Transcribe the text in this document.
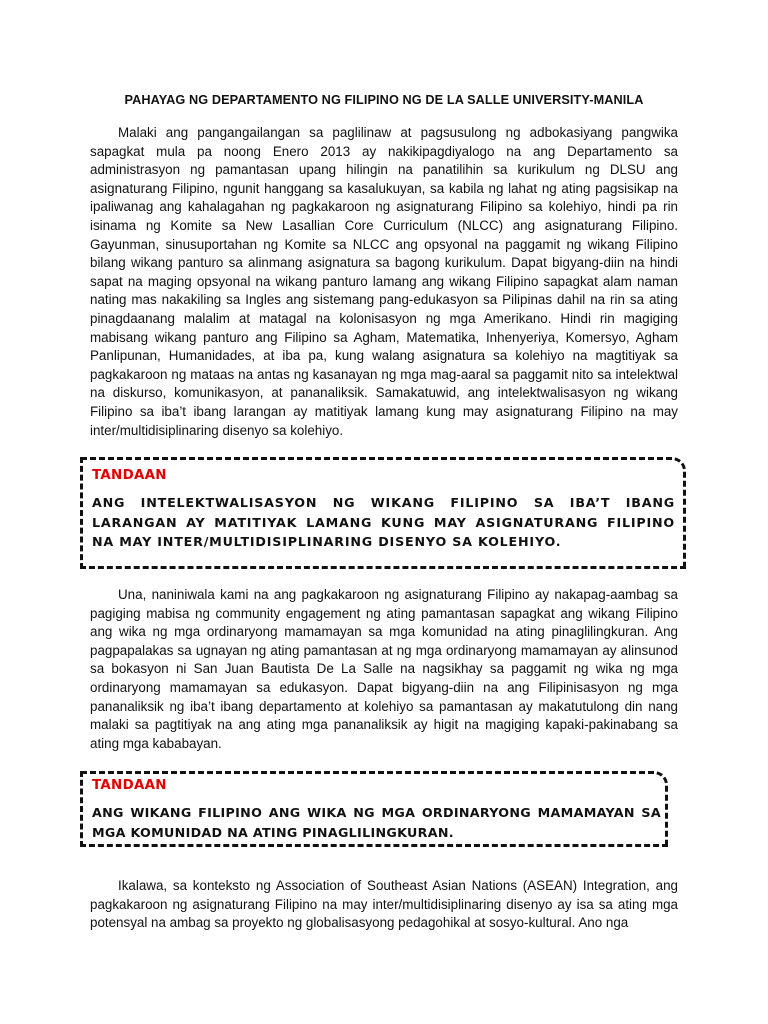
PAHAYAG NG DEPARTAMENTO NG FILIPINO NG DE LA SALLE UNIVERSITY-MANILA

Malaki ang pangangailangan sa paglilinaw at pagsusulong ng adbokasiyang pangwika sapagkat mula pa noong Enero 2013 ay nakikipagdiyalogo na ang Departamento sa administrasyon ng pamantasan upang hilingin na panatilihin sa kurikulum ng DLSU ang asignaturang Filipino, ngunit hanggang sa kasalukuyan, sa kabila ng lahat ng ating pagsisikap na ipaliwanag ang kahalagahan ng pagkakaroon ng asignaturang Filipino sa kolehiyo, hindi pa rin isinama ng Komite sa New Lasallian Core Curriculum (NLCC) ang asignaturang Filipino. Gayunman, sinusuportahan ng Komite sa NLCC ang opsyonal na paggamit ng wikang Filipino bilang wikang panturo sa alinmang asignatura sa bagong kurikulum. Dapat bigyang-diin na hindi sapat na maging opsyonal na wikang panturo lamang ang wikang Filipino sapagkat alam naman nating mas nakakiling sa Ingles ang sistemang pang-edukasyon sa Pilipinas dahil na rin sa ating pinagdaanang malalim at matagal na kolonisasyon ng mga Amerikano. Hindi rin magiging mabisang wikang panturo ang Filipino sa Agham, Matematika, Inhenyeriya, Komersyo, Agham Panlipunan, Humanidades, at iba pa, kung walang asignatura sa kolehiyo na magtitiyak sa pagkakaroon ng mataas na antas ng kasanayan ng mga mag-aaral sa paggamit nito sa intelektwal na diskurso, komunikasyon, at pananaliksik. Samakatuwid, ang intelektwalisasyon ng wikang Filipino sa iba’t ibang larangan ay matitiyak lamang kung may asignaturang Filipino na may inter/multidisiplinaring disenyo sa kolehiyo.

TANDAAN

ANG INTELEKTWALISASYON NG WIKANG FILIPINO SA IBA’T IBANG LARANGAN AY MATITIYAK LAMANG KUNG MAY ASIGNATURANG FILIPINO NA MAY INTER/MULTIDISIPLINARING DISENYO SA KOLEHIYO.

Una, naniniwala kami na ang pagkakaroon ng asignaturang Filipino ay nakapag-aambag sa pagiging mabisa ng community engagement ng ating pamantasan sapagkat ang wikang Filipino ang wika ng mga ordinaryong mamamayan sa mga komunidad na ating pinaglilingkuran. Ang pagpapalakas sa ugnayan ng ating pamantasan at ng mga ordinaryong mamamayan ay alinsunod sa bokasyon ni San Juan Bautista De La Salle na nagsikhay sa paggamit ng wika ng mga ordinaryong mamamayan sa edukasyon. Dapat bigyang-diin na ang Filipinisasyon ng mga pananaliksik ng iba’t ibang departamento at kolehiyo sa pamantasan ay makatutulong din nang malaki sa pagtitiyak na ang ating mga pananaliksik ay higit na magiging kapaki-pakinabang sa ating mga kababayan.

TANDAAN

ANG WIKANG FILIPINO ANG WIKA NG MGA ORDINARYONG MAMAMAYAN SA MGA KOMUNIDAD NA ATING PINAGLILINGKURAN.

Ikalawa, sa konteksto ng Association of Southeast Asian Nations (ASEAN) Integration, ang pagkakaroon ng asignaturang Filipino na may inter/multidisiplinaring disenyo ay isa sa ating mga potensyal na ambag sa proyekto ng globalisasyong pedagohikal at sosyo-kultural. Ano nga
